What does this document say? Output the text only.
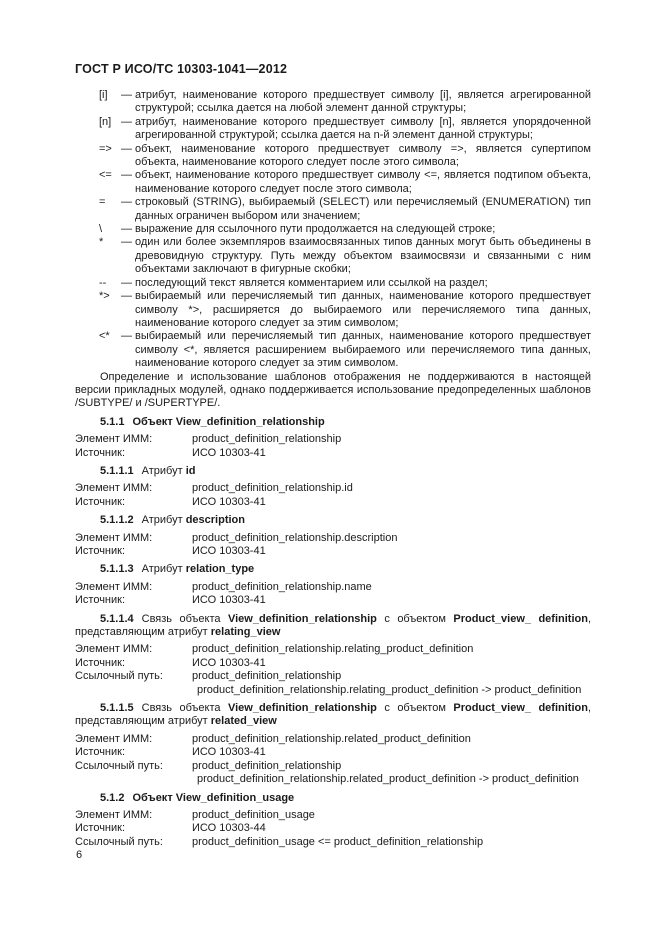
ГОСТ Р ИСО/ТС 10303-1041—2012
[i]	— атрибут, наименование которого предшествует символу [i], является агрегированной структурой; ссылка дается на любой элемент данной структуры;
[n] — атрибут, наименование которого предшествует символу [n], является упорядоченной агрегированной структурой; ссылка дается на n-й элемент данной структуры;
=> — объект, наименование которого предшествует символу =>, является супертипом объекта, наименование которого следует после этого символа;
<= — объект, наименование которого предшествует символу <=, является подтипом объекта, наименование которого следует после этого символа;
=	— строковый (STRING), выбираемый (SELECT) или перечисляемый (ENUMERATION) тип данных ограничен выбором или значением;
\	— выражение для ссылочного пути продолжается на следующей строке;
*	— один или более экземпляров взаимосвязанных типов данных могут быть объединены в древовидную структуру. Путь между объектом взаимосвязи и связанными с ним объектами заключают в фигурные скобки;
--	— последующий текст является комментарием или ссылкой на раздел;
*>	— выбираемый или перечисляемый тип данных, наименование которого предшествует символу *>, расширяется до выбираемого или перечисляемого типа данных, наименование которого следует за этим символом;
<*	— выбираемый или перечисляемый тип данных, наименование которого предшествует символу <*, является расширением выбираемого или перечисляемого типа данных, наименование которого следует за этим символом.
Определение и использование шаблонов отображения не поддерживаются в настоящей версии прикладных модулей, однако поддерживается использование предопределенных шаблонов /SUBTYPE/ и /SUPERTYPE/.
5.1.1 Объект View_definition_relationship
Элемент ИММ:	product_definition_relationship
Источник:	ИСО 10303-41
5.1.1.1 Атрибут id
Элемент ИММ:	product_definition_relationship.id
Источник:	ИСО 10303-41
5.1.1.2 Атрибут description
Элемент ИММ:	product_definition_relationship.description
Источник:	ИСО 10303-41
5.1.1.3 Атрибут relation_type
Элемент ИММ:	product_definition_relationship.name
Источник:	ИСО 10303-41
5.1.1.4 Связь объекта View_definition_relationship с объектом Product_view_ definition, представляющим атрибут relating_view
Элемент ИММ:	product_definition_relationship.relating_product_definition
Источник:	ИСО 10303-41
Ссылочный путь:	product_definition_relationship
product_definition_relationship.relating_product_definition -> product_definition
5.1.1.5 Связь объекта View_definition_relationship с объектом Product_view_ definition, представляющим атрибут related_view
Элемент ИММ:	product_definition_relationship.related_product_definition
Источник:	ИСО 10303-41
Ссылочный путь:	product_definition_relationship
product_definition_relationship.related_product_definition -> product_definition
5.1.2 Объект View_definition_usage
Элемент ИММ:	product_definition_usage
Источник:	ИСО 10303-44
Ссылочный путь:	product_definition_usage <= product_definition_relationship
6
